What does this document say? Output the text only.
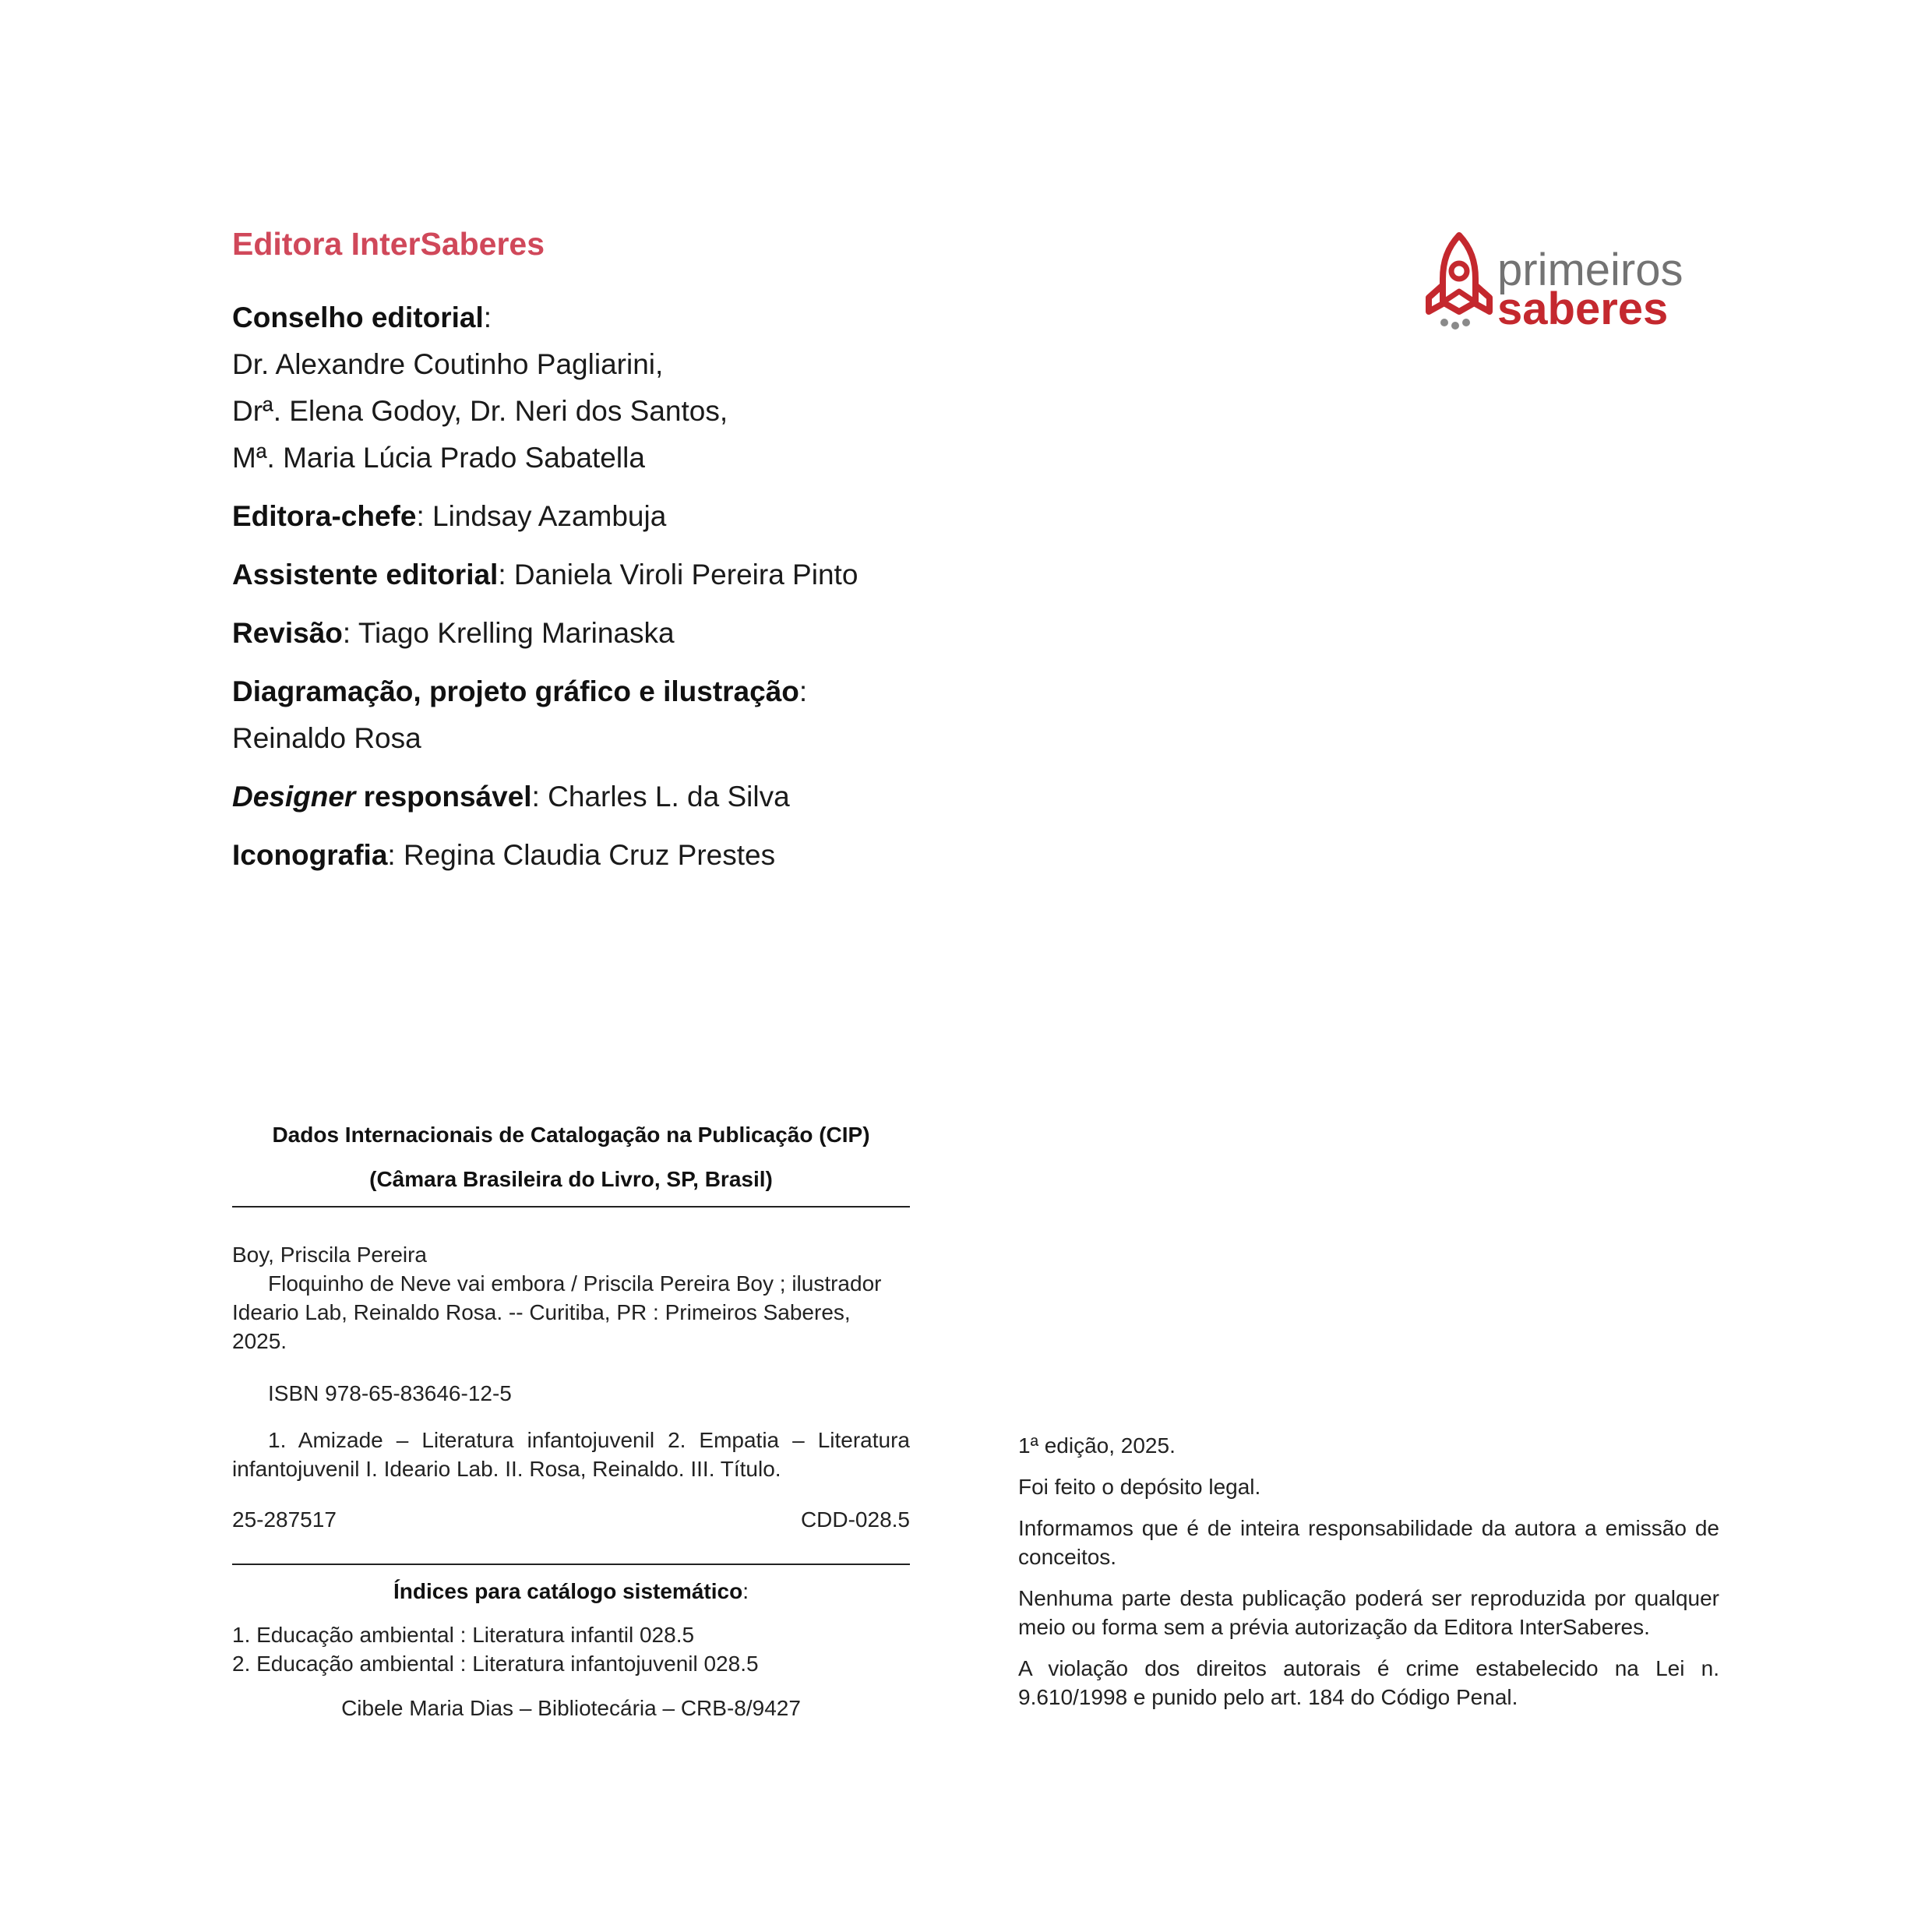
Editora InterSaberes
Conselho editorial:
Dr. Alexandre Coutinho Pagliarini,
Drª. Elena Godoy, Dr. Neri dos Santos,
Mª. Maria Lúcia Prado Sabatella
Editora-chefe: Lindsay Azambuja
Assistente editorial: Daniela Viroli Pereira Pinto
Revisão: Tiago Krelling Marinaska
Diagramação, projeto gráfico e ilustração:
Reinaldo Rosa
Designer responsável: Charles L. da Silva
Iconografia: Regina Claudia Cruz Prestes
primeiros
saberes
Dados Internacionais de Catalogação na Publicação (CIP)
(Câmara Brasileira do Livro, SP, Brasil)
Boy, Priscila Pereira
Floquinho de Neve vai embora / Priscila Pereira Boy ; ilustrador Ideario Lab, Reinaldo Rosa. -- Curitiba, PR : Primeiros Saberes, 2025.
ISBN 978-65-83646-12-5
1. Amizade – Literatura infantojuvenil 2. Empatia – Literatura infantojuvenil I. Ideario Lab. II. Rosa, Reinaldo. III. Título.
25-287517	CDD-028.5
Índices para catálogo sistemático:
1. Educação ambiental : Literatura infantil 028.5
2. Educação ambiental : Literatura infantojuvenil 028.5
Cibele Maria Dias – Bibliotecária – CRB-8/9427

1ª edição, 2025.

Foi feito o depósito legal.

Informamos que é de inteira responsabilidade da autora a emissão de conceitos.

Nenhuma parte desta publicação poderá ser reproduzida por qualquer meio ou forma sem a prévia autorização da Editora InterSaberes.

A violação dos direitos autorais é crime estabelecido na Lei n. 9.610/1998 e punido pelo art. 184 do Código Penal.
